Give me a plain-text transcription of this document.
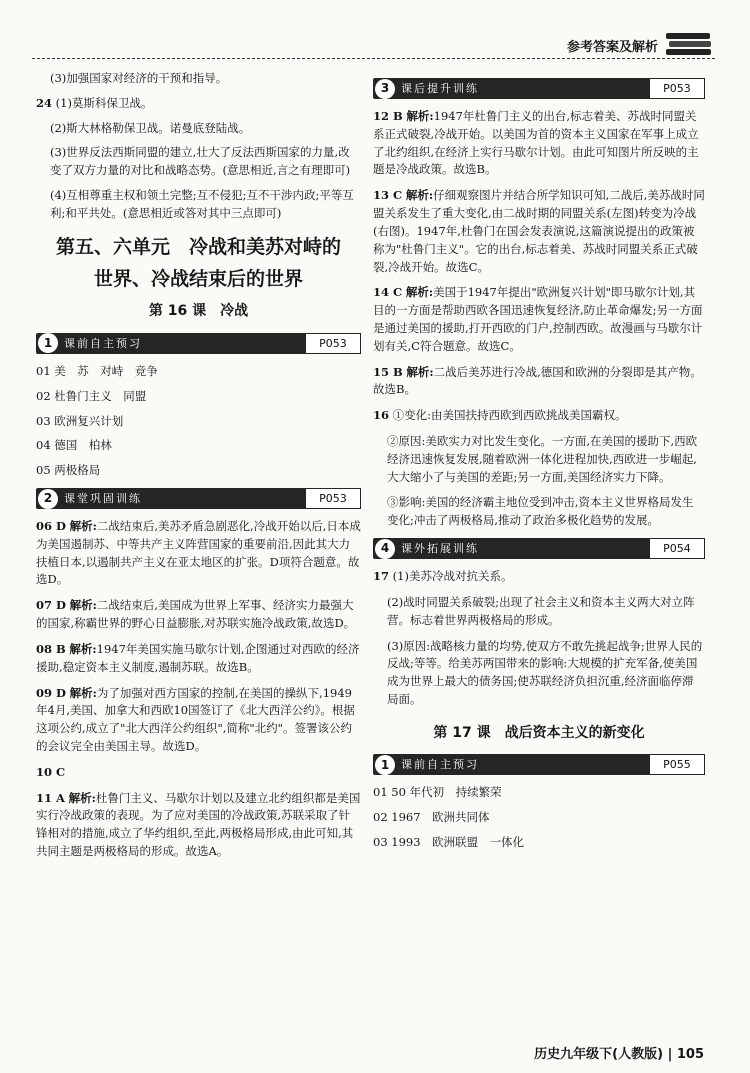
参考答案及解析

(3)加强国家对经济的干预和指导。

24 (1)莫斯科保卫战。

(2)斯大林格勒保卫战。诺曼底登陆战。

(3)世界反法西斯同盟的建立,壮大了反法西斯国家的力量,改变了双方力量的对比和战略态势。(意思相近,言之有理即可)

(4)互相尊重主权和领土完整;互不侵犯;互不干涉内政;平等互利;和平共处。(意思相近或答对其中三点即可)

第五、六单元　冷战和美苏对峙的
世界、冷战结束后的世界
第 16 课　冷战
1	课前自主预习	P053

01 美　苏　对峙　竞争

02 杜鲁门主义　同盟

03 欧洲复兴计划

04 德国　柏林

05 两极格局

2	课堂巩固训练	P053

06 D 解析:二战结束后,美苏矛盾急剧恶化,冷战开始以后,日本成为美国遏制苏、中等共产主义阵营国家的重要前沿,因此其大力扶植日本,以遏制共产主义在亚太地区的扩张。D项符合题意。故选D。

07 D 解析:二战结束后,美国成为世界上军事、经济实力最强大的国家,称霸世界的野心日益膨胀,对苏联实施冷战政策,故选D。

08 B 解析:1947年美国实施马歇尔计划,企图通过对西欧的经济援助,稳定资本主义制度,遏制苏联。故选B。

09 D 解析:为了加强对西方国家的控制,在美国的操纵下,1949年4月,美国、加拿大和西欧10国签订了《北大西洋公约》。根据这项公约,成立了"北大西洋公约组织",简称"北约"。签署该公约的会议完全由美国主导。故选D。

10 C

11 A 解析:杜鲁门主义、马歇尔计划以及建立北约组织都是美国实行冷战政策的表现。为了应对美国的冷战政策,苏联采取了针锋相对的措施,成立了华约组织,至此,两极格局形成,由此可知,其共同主题是两极格局的形成。故选A。

3	课后提升训练	P053

12 B 解析:1947年杜鲁门主义的出台,标志着美、苏战时同盟关系正式破裂,冷战开始。以美国为首的资本主义国家在军事上成立了北约组织,在经济上实行马歇尔计划。由此可知图片所反映的主题是冷战政策。故选B。

13 C 解析:仔细观察图片并结合所学知识可知,二战后,美苏战时同盟关系发生了重大变化,由二战时期的同盟关系(左图)转变为冷战(右图)。1947年,杜鲁门在国会发表演说,这篇演说提出的政策被称为"杜鲁门主义"。它的出台,标志着美、苏战时同盟关系正式破裂,冷战开始。故选C。

14 C 解析:美国于1947年提出"欧洲复兴计划"即马歇尔计划,其目的一方面是帮助西欧各国迅速恢复经济,防止革命爆发;另一方面是通过美国的援助,打开西欧的门户,控制西欧。故漫画与马歇尔计划有关,C符合题意。故选C。

15 B 解析:二战后美苏进行冷战,德国和欧洲的分裂即是其产物。故选B。

16 ①变化:由美国扶持西欧到西欧挑战美国霸权。

②原因:美欧实力对比发生变化。一方面,在美国的援助下,西欧经济迅速恢复发展,随着欧洲一体化进程加快,西欧进一步崛起,大大缩小了与美国的差距;另一方面,美国经济实力下降。

③影响:美国的经济霸主地位受到冲击,资本主义世界格局发生变化;冲击了两极格局,推动了政治多极化趋势的发展。

4	课外拓展训练	P054

17 (1)美苏冷战对抗关系。

(2)战时同盟关系破裂;出现了社会主义和资本主义两大对立阵营。标志着世界两极格局的形成。

(3)原因:战略核力量的均势,使双方不敢先挑起战争;世界人民的反战;等等。给美苏两国带来的影响:大规模的扩充军备,使美国成为世界上最大的债务国;使苏联经济负担沉重,经济面临停滞局面。

第 17 课　战后资本主义的新变化
1	课前自主预习	P055

01 50 年代初　持续繁荣

02 1967　欧洲共同体

03 1993　欧洲联盟　一体化

历史九年级下(人教版) | 105
